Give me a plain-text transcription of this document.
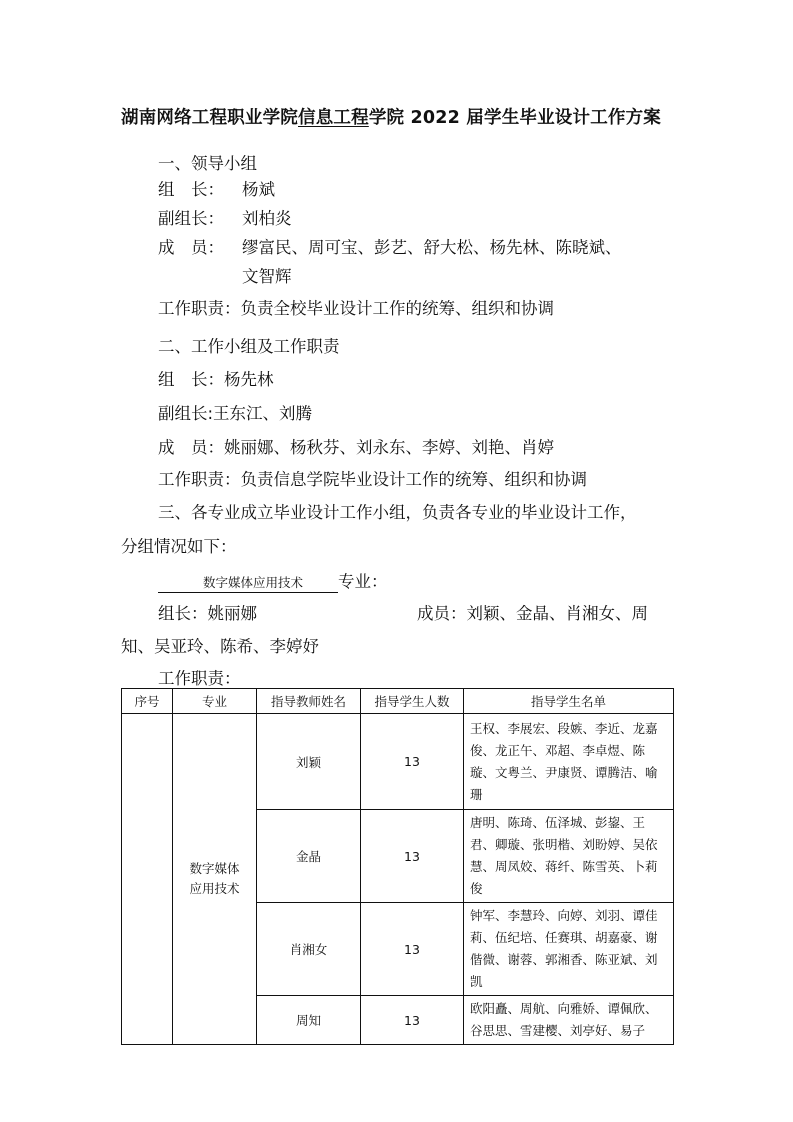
湖南网络工程职业学院信息工程学院 2022 届学生毕业设计工作方案
一、领导小组
组　长： 杨斌
副组长： 刘柏炎
成　员： 缪富民、周可宝、彭艺、舒大松、杨先林、陈晓斌、
文智辉
工作职责：负责全校毕业设计工作的统筹、组织和协调
二、工作小组及工作职责
组　长：杨先林
副组长:王东江、刘腾
成　员：姚丽娜、杨秋芬、刘永东、李婷、刘艳、肖婷
工作职责：负责信息学院毕业设计工作的统筹、组织和协调
三、各专业成立毕业设计工作小组，负责各专业的毕业设计工作，
分组情况如下：
数字媒体应用技术 专业：
组长：姚丽娜	成员：刘颖、金晶、肖湘女、周
知、吴亚玲、陈希、李婷妤
工作职责：
序号	专业	指导教师姓名	指导学生人数	指导学生名单

	数字媒体应用技术	刘颖	13	王权、李展宏、段嫉、李近、龙嘉俊、龙正午、邓超、李卓煜、陈璇、文粤兰、尹康贤、谭腾洁、喻珊
		金晶	13	唐明、陈琦、伍泽城、彭鋆、王君、卿璇、张明楷、刘盼婷、吴依慧、周凤姣、蒋纤、陈雪英、卜莉俊
		肖湘女	13	钟军、李慧玲、向婷、刘羽、谭佳莉、伍纪培、任赛琪、胡嘉豪、谢偕微、谢蓉、郭湘香、陈亚斌、刘凯
		周知	13	欧阳矗、周航、向雅娇、谭佩欣、谷思思、雪建樱、刘亭好、易子
